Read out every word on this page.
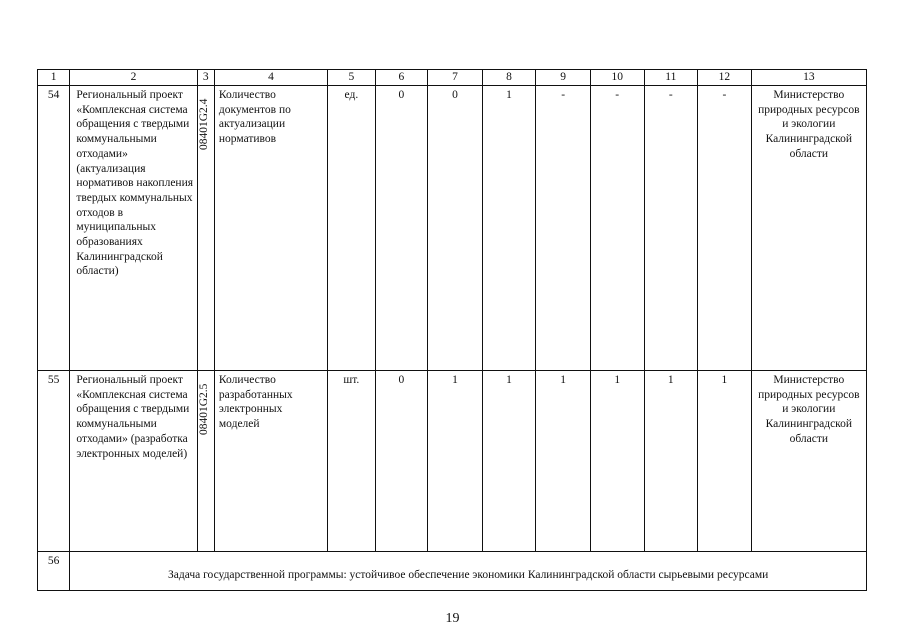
1	2	3	4	5	6	7	8	9	10	11	12	13
54	Региональный проект «Комплексная система обращения с твердыми коммунальными отходами» (актуализация нормативов накопления твердых коммунальных отходов в муниципальных образованиях Калининградской области)	08401G2.4	Количество документов по актуализации нормативов	ед.	0	0	1	-	-	-	-	Министерство природных ресурсов и экологии Калининградской области
55	Региональный проект «Комплексная система обращения с твердыми коммунальными отходами» (разработка электронных моделей)	08401G2.5	Количество разработанных электронных моделей	шт.	0	1	1	1	1	1	1	Министерство природных ресурсов и экологии Калининградской области
56	Задача государственной программы: устойчивое обеспечение экономики Калининградской области сырьевыми ресурсами											
19
